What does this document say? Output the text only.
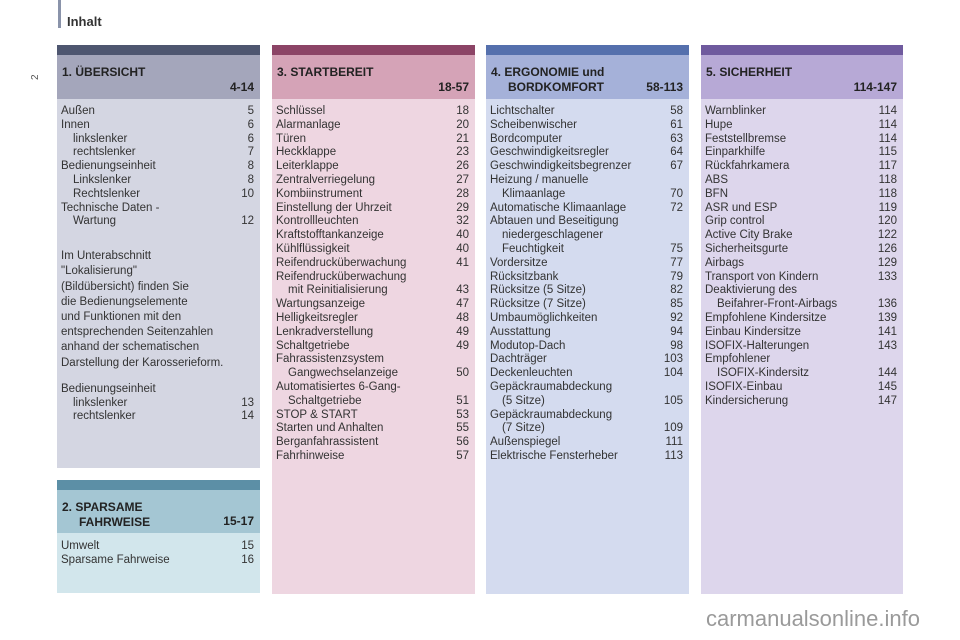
Inhalt
2 1. ÜBERSICHT
4-14
Außen	5
Innen	6
linkslenker	6
rechtslenker	7
Bedienungseinheit	8
Linkslenker	8
Rechtslenker	10
Technische Daten -
Wartung	12
Im Unterabschnitt
"Lokalisierung"
(Bildübersicht) finden Sie
die Bedienungselemente
und Funktionen mit den
entsprechenden Seitenzahlen
anhand der schematischen
Darstellung der Karosserieform.
Bedienungseinheit
linkslenker	13
rechtslenker	14
2. SPARSAME
FAHRWEISE	15-17
Umwelt	15
Sparsame Fahrweise	16
3. STARTBEREIT
18-57
Schlüssel	18
Alarmanlage	20
Türen	21
Heckklappe	23
Leiterklappe	26
Zentralverriegelung	27
Kombiinstrument	28
Einstellung der Uhrzeit	29
Kontrollleuchten	32
Kraftstofftankanzeige	40
Kühlflüssigkeit	40
Reifendrucküberwachung	41
Reifendrucküberwachung
mit Reinitialisierung	43
Wartungsanzeige	47
Helligkeitsregler	48
Lenkradverstellung	49
Schaltgetriebe	49
Fahrassistenzsystem
Gangwechselanzeige	50
Automatisiertes 6-Gang-
Schaltgetriebe	51
STOP & START	53
Starten und Anhalten	55
Berganfahrassistent	56
Fahrhinweise	57
4. ERGONOMIE und
BORDKOMFORT	58-113
Lichtschalter	58
Scheibenwischer	61
Bordcomputer	63
Geschwindigkeitsregler	64
Geschwindigkeitsbegrenzer	67
Heizung / manuelle
Klimaanlage	70
Automatische Klimaanlage	72
Abtauen und Beseitigung
niedergeschlagener
Feuchtigkeit	75
Vordersitze	77
Rücksitzbank	79
Rücksitze (5 Sitze)	82
Rücksitze (7 Sitze)	85
Umbaumöglichkeiten	92
Ausstattung	94
Modutop-Dach	98
Dachträger	103
Deckenleuchten	104
Gepäckraumabdeckung
(5 Sitze)	105
Gepäckraumabdeckung
(7 Sitze)	109
Außenspiegel	111
Elektrische Fensterheber	113
5. SICHERHEIT
114-147
Warnblinker	114
Hupe	114
Feststellbremse	114
Einparkhilfe	115
Rückfahrkamera	117
ABS	118
BFN	118
ASR und ESP	119
Grip control	120
Active City Brake	122
Sicherheitsgurte	126
Airbags	129
Transport von Kindern	133
Deaktivierung des
Beifahrer-Front-Airbags	136
Empfohlene Kindersitze	139
Einbau Kindersitze	141
ISOFIX-Halterungen	143
Empfohlener
ISOFIX-Kindersitz	144
ISOFIX-Einbau	145
Kindersicherung	147
carmanualsonline.info
